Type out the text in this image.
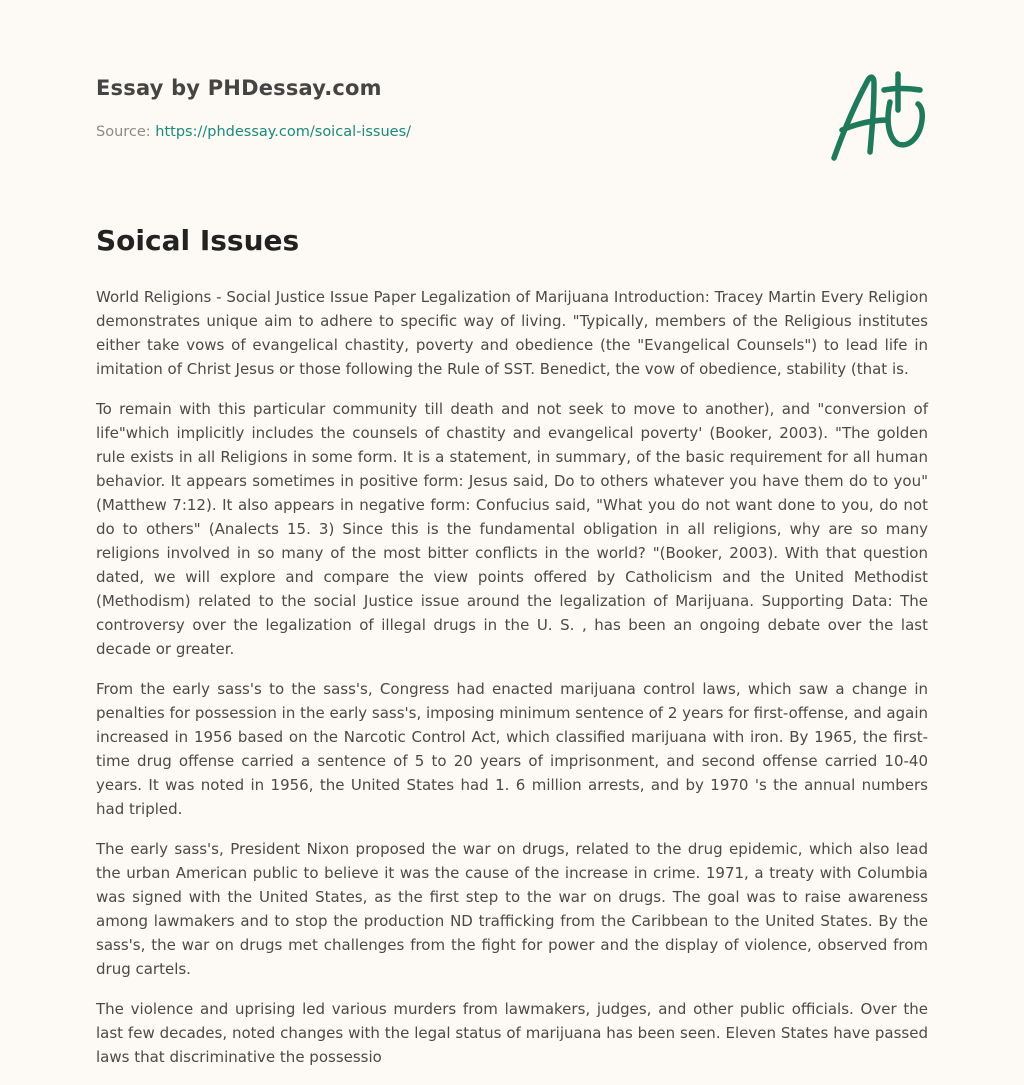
Essay by PHDessay.com
Source: https://phdessay.com/soical-issues/
Soical Issues

World Religions - Social Justice Issue Paper Legalization of Marijuana Introduction: Tracey Martin Every Religion demonstrates unique aim to adhere to specific way of living. "Typically, members of the Religious institutes either take vows of evangelical chastity, poverty and obedience (the "Evangelical Counsels") to lead life in imitation of Christ Jesus or those following the Rule of SST. Benedict, the vow of obedience, stability (that is.

To remain with this particular community till death and not seek to move to another), and "conversion of life"which implicitly includes the counsels of chastity and evangelical poverty' (Booker, 2003). "The golden rule exists in all Religions in some form. It is a statement, in summary, of the basic requirement for all human behavior. It appears sometimes in positive form: Jesus said, Do to others whatever you have them do to you" (Matthew 7:12). It also appears in negative form: Confucius said, "What you do not want done to you, do not do to others" (Analects 15. 3) Since this is the fundamental obligation in all religions, why are so many religions involved in so many of the most bitter conflicts in the world? "(Booker, 2003). With that question dated, we will explore and compare the view points offered by Catholicism and the United Methodist (Methodism) related to the social Justice issue around the legalization of Marijuana. Supporting Data: The controversy over the legalization of illegal drugs in the U. S. , has been an ongoing debate over the last decade or greater.

From the early sass's to the sass's, Congress had enacted marijuana control laws, which saw a change in penalties for possession in the early sass's, imposing minimum sentence of 2 years for first-offense, and again increased in 1956 based on the Narcotic Control Act, which classified marijuana with iron. By 1965, the first-time drug offense carried a sentence of 5 to 20 years of imprisonment, and second offense carried 10-40 years. It was noted in 1956, the United States had 1. 6 million arrests, and by 1970 's the annual numbers had tripled.

The early sass's, President Nixon proposed the war on drugs, related to the drug epidemic, which also lead the urban American public to believe it was the cause of the increase in crime. 1971, a treaty with Columbia was signed with the United States, as the first step to the war on drugs. The goal was to raise awareness among lawmakers and to stop the production ND trafficking from the Caribbean to the United States. By the sass's, the war on drugs met challenges from the fight for power and the display of violence, observed from drug cartels.

The violence and uprising led various murders from lawmakers, judges, and other public officials. Over the last few decades, noted changes with the legal status of marijuana has been seen. Eleven States have passed laws that discriminative the possessio
